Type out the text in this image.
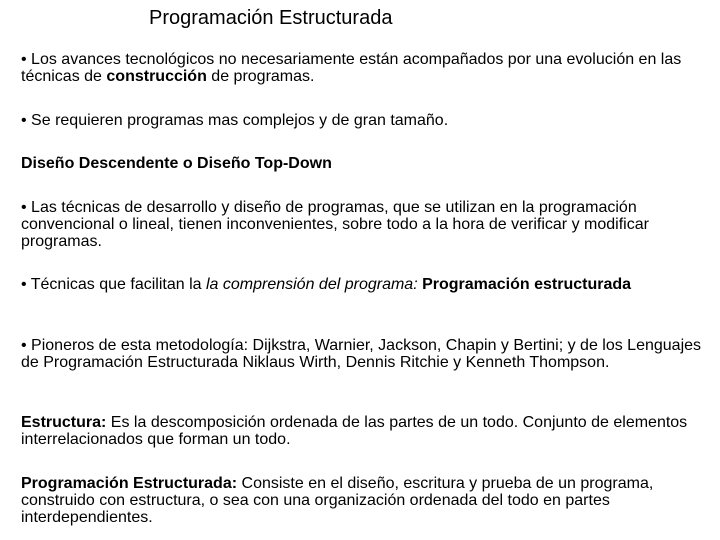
Programación Estructurada

• Los avances tecnológicos no necesariamente están acompañados por una evolución en las técnicas de construcción de programas.

• Se requieren programas mas complejos y de gran tamaño.

Diseño Descendente o Diseño Top-Down

• Las técnicas de desarrollo y diseño de programas, que se utilizan en la programación convencional o lineal, tienen inconvenientes, sobre todo a la hora de verificar y modificar programas.

• Técnicas que facilitan la la comprensión del programa: Programación estructurada

• Pioneros de esta metodología: Dijkstra, Warnier, Jackson, Chapin y Bertini; y de los Lenguajes de Programación Estructurada Niklaus Wirth, Dennis Ritchie y Kenneth Thompson.

Estructura: Es la descomposición ordenada de las partes de un todo. Conjunto de elementos interrelacionados que forman un todo.

Programación Estructurada: Consiste en el diseño, escritura y prueba de un programa, construido con estructura, o sea con una organización ordenada del todo en partes interdependientes.
